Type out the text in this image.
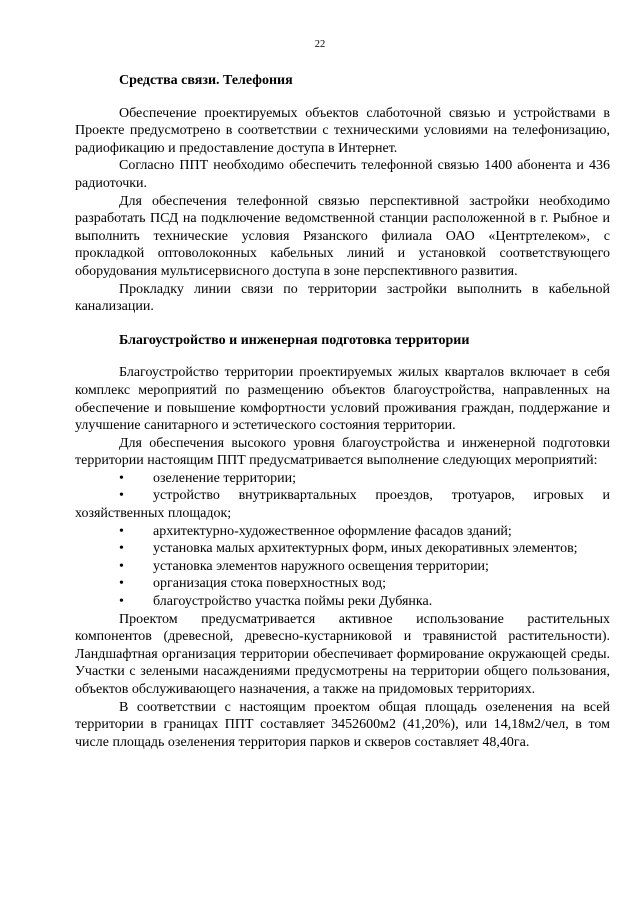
22
Средства связи. Телефония

Обеспечение проектируемых объектов слаботочной связью и устройствами в Проекте предусмотрено в соответствии с техническими условиями на телефонизацию, радиофикацию и предоставление доступа в Интернет.

Согласно ППТ необходимо обеспечить телефонной связью 1400 абонента и 436 радиоточки.

Для обеспечения телефонной связью перспективной застройки необходимо разработать ПСД на подключение ведомственной станции расположенной в г. Рыбное и выполнить технические условия Рязанского филиала ОАО «Центртелеком», с прокладкой оптоволоконных кабельных линий и установкой соответствующего оборудования мультисервисного доступа в зоне перспективного развития.

Прокладку линии связи по территории застройки выполнить в кабельной канализации.

Благоустройство и инженерная подготовка территории

Благоустройство территории проектируемых жилых кварталов включает в себя комплекс мероприятий по размещению объектов благоустройства, направленных на обеспечение и повышение комфортности условий проживания граждан, поддержание и улучшение санитарного и эстетического состояния территории.

Для обеспечения высокого уровня благоустройства и инженерной подготовки территории настоящим ППТ предусматривается выполнение следующих мероприятий:

• озеленение территории;
• устройство внутриквартальных проездов, тротуаров, игровых и хозяйственных площадок;
• архитектурно-художественное оформление фасадов зданий;
• установка малых архитектурных форм, иных декоративных элементов;
• установка элементов наружного освещения территории;
• организация стока поверхностных вод;
• благоустройство участка поймы реки Дубянка.

Проектом предусматривается активное использование растительных компонентов (древесной, древесно-кустарниковой и травянистой растительности). Ландшафтная организация территории обеспечивает формирование окружающей среды. Участки с зелеными насаждениями предусмотрены на территории общего пользования, объектов обслуживающего назначения, а также на придомовых территориях.

В соответствии с настоящим проектом общая площадь озеленения на всей территории в границах ППТ составляет 3452600м2 (41,20%), или 14,18м2/чел, в том числе площадь озеленения территория парков и скверов составляет 48,40га.
